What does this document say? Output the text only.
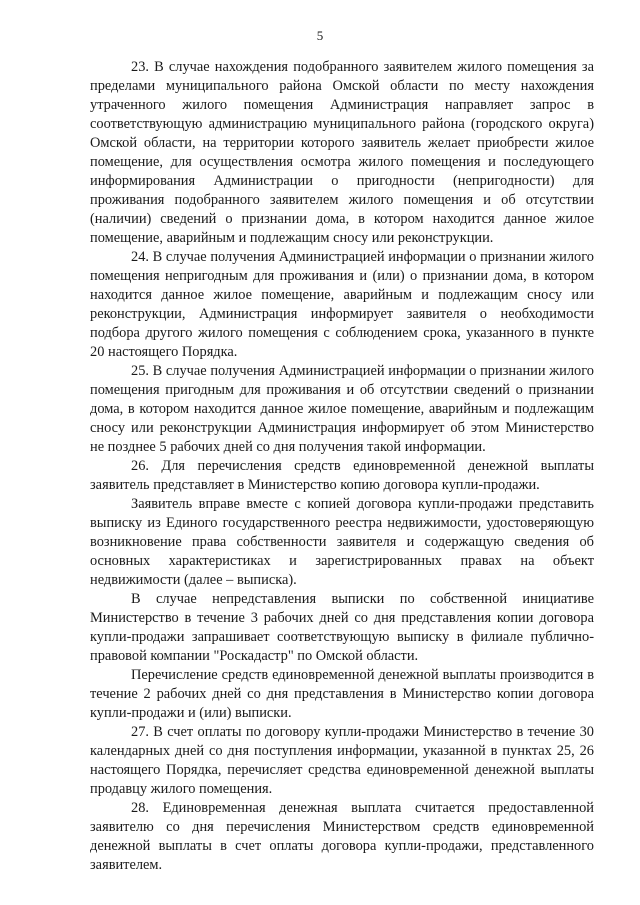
5

23. В случае нахождения подобранного заявителем жилого помещения за пределами муниципального района Омской области по месту нахождения утраченного жилого помещения Администрация направляет запрос в соответствующую администрацию муниципального района (городского округа) Омской области, на территории которого заявитель желает приобрести жилое помещение, для осуществления осмотра жилого помещения и последующего информирования Администрации о пригодности (непригодности) для проживания подобранного заявителем жилого помещения и об отсутствии (наличии) сведений о признании дома, в котором находится данное жилое помещение, аварийным и подлежащим сносу или реконструкции.

24. В случае получения Администрацией информации о признании жилого помещения непригодным для проживания и (или) о признании дома, в котором находится данное жилое помещение, аварийным и подлежащим сносу или реконструкции, Администрация информирует заявителя о необходимости подбора другого жилого помещения с соблюдением срока, указанного в пункте 20 настоящего Порядка.

25. В случае получения Администрацией информации о признании жилого помещения пригодным для проживания и об отсутствии сведений о признании дома, в котором находится данное жилое помещение, аварийным и подлежащим сносу или реконструкции Администрация информирует об этом Министерство не позднее 5 рабочих дней со дня получения такой информации.

26. Для перечисления средств единовременной денежной выплаты заявитель представляет в Министерство копию договора купли-продажи.

Заявитель вправе вместе с копией договора купли-продажи представить выписку из Единого государственного реестра недвижимости, удостоверяющую возникновение права собственности заявителя и содержащую сведения об основных характеристиках и зарегистрированных правах на объект недвижимости (далее – выписка).

В случае непредставления выписки по собственной инициативе Министерство в течение 3 рабочих дней со дня представления копии договора купли-продажи запрашивает соответствующую выписку в филиале публично-правовой компании "Роскадастр" по Омской области.

Перечисление средств единовременной денежной выплаты производится в течение 2 рабочих дней со дня представления в Министерство копии договора купли-продажи и (или) выписки.

27. В счет оплаты по договору купли-продажи Министерство в течение 30 календарных дней со дня поступления информации, указанной в пунктах 25, 26 настоящего Порядка, перечисляет средства единовременной денежной выплаты продавцу жилого помещения.

28. Единовременная денежная выплата считается предоставленной заявителю со дня перечисления Министерством средств единовременной денежной выплаты в счет оплаты договора купли-продажи, представленного заявителем.
